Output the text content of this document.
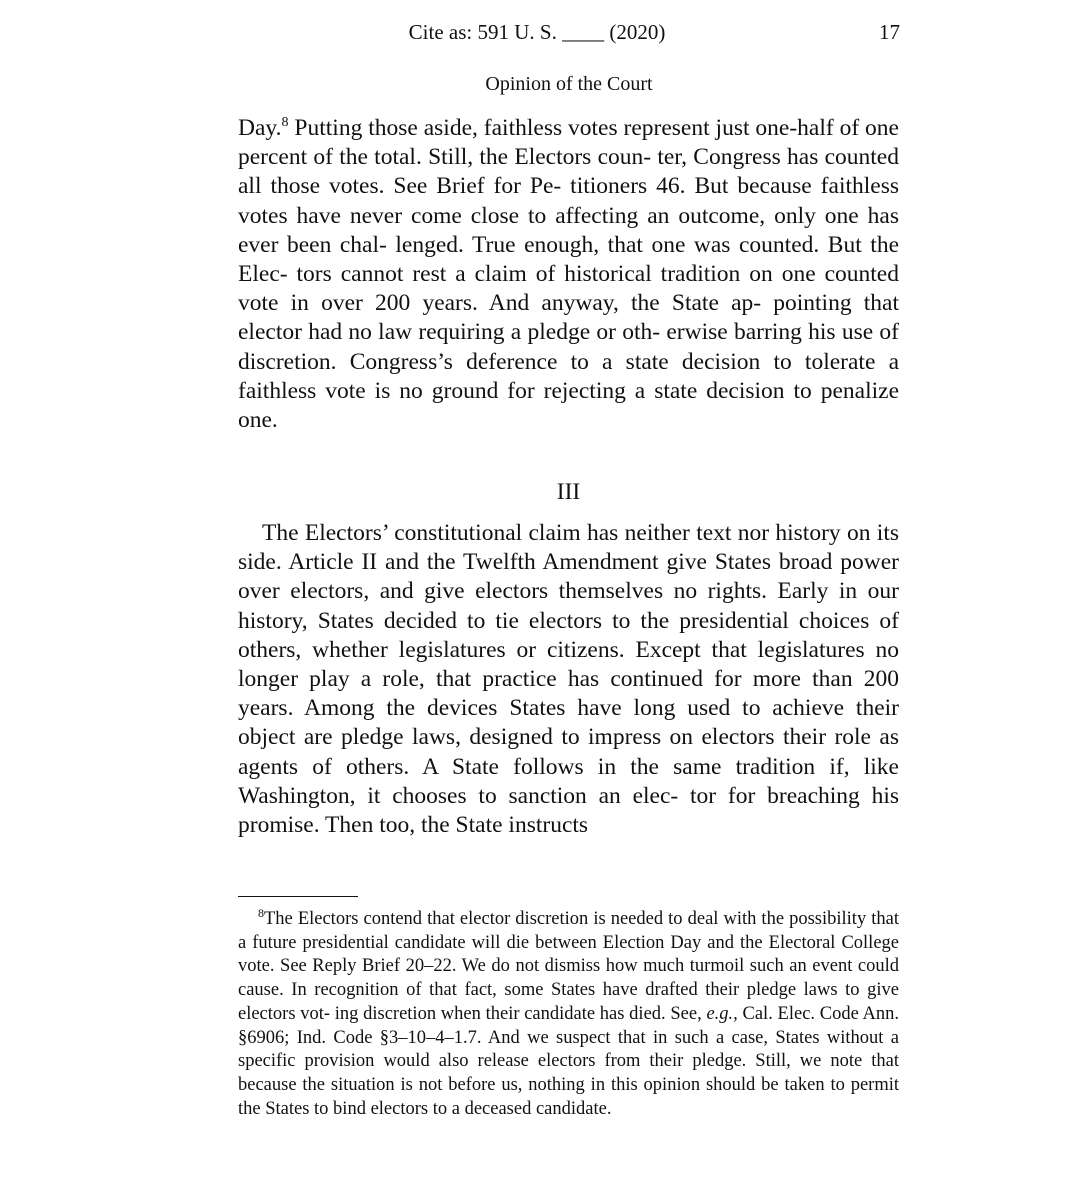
Cite as: 591 U. S. ____ (2020)	17
Opinion of the Court

Day.$^8$ Putting those aside, faithless votes represent just one-half of one percent of the total. Still, the Electors coun- ter, Congress has counted all those votes. See Brief for Pe- titioners 46. But because faithless votes have never come close to affecting an outcome, only one has ever been chal- lenged. True enough, that one was counted. But the Elec- tors cannot rest a claim of historical tradition on one counted vote in over 200 years. And anyway, the State ap- pointing that elector had no law requiring a pledge or oth- erwise barring his use of discretion. Congress’s deference to a state decision to tolerate a faithless vote is no ground for rejecting a state decision to penalize one.

III

The Electors’ constitutional claim has neither text nor history on its side. Article II and the Twelfth Amendment give States broad power over electors, and give electors themselves no rights. Early in our history, States decided to tie electors to the presidential choices of others, whether legislatures or citizens. Except that legislatures no longer play a role, that practice has continued for more than 200 years. Among the devices States have long used to achieve their object are pledge laws, designed to impress on electors their role as agents of others. A State follows in the same tradition if, like Washington, it chooses to sanction an elec- tor for breaching his promise. Then too, the State instructs

$^8$The Electors contend that elector discretion is needed to deal with the possibility that a future presidential candidate will die between Election Day and the Electoral College vote. See Reply Brief 20–22. We do not dismiss how much turmoil such an event could cause. In recognition of that fact, some States have drafted their pledge laws to give electors vot- ing discretion when their candidate has died. See, e.g., Cal. Elec. Code Ann. §6906; Ind. Code §3–10–4–1.7. And we suspect that in such a case, States without a specific provision would also release electors from their pledge. Still, we note that because the situation is not before us, nothing in this opinion should be taken to permit the States to bind electors to a deceased candidate.
